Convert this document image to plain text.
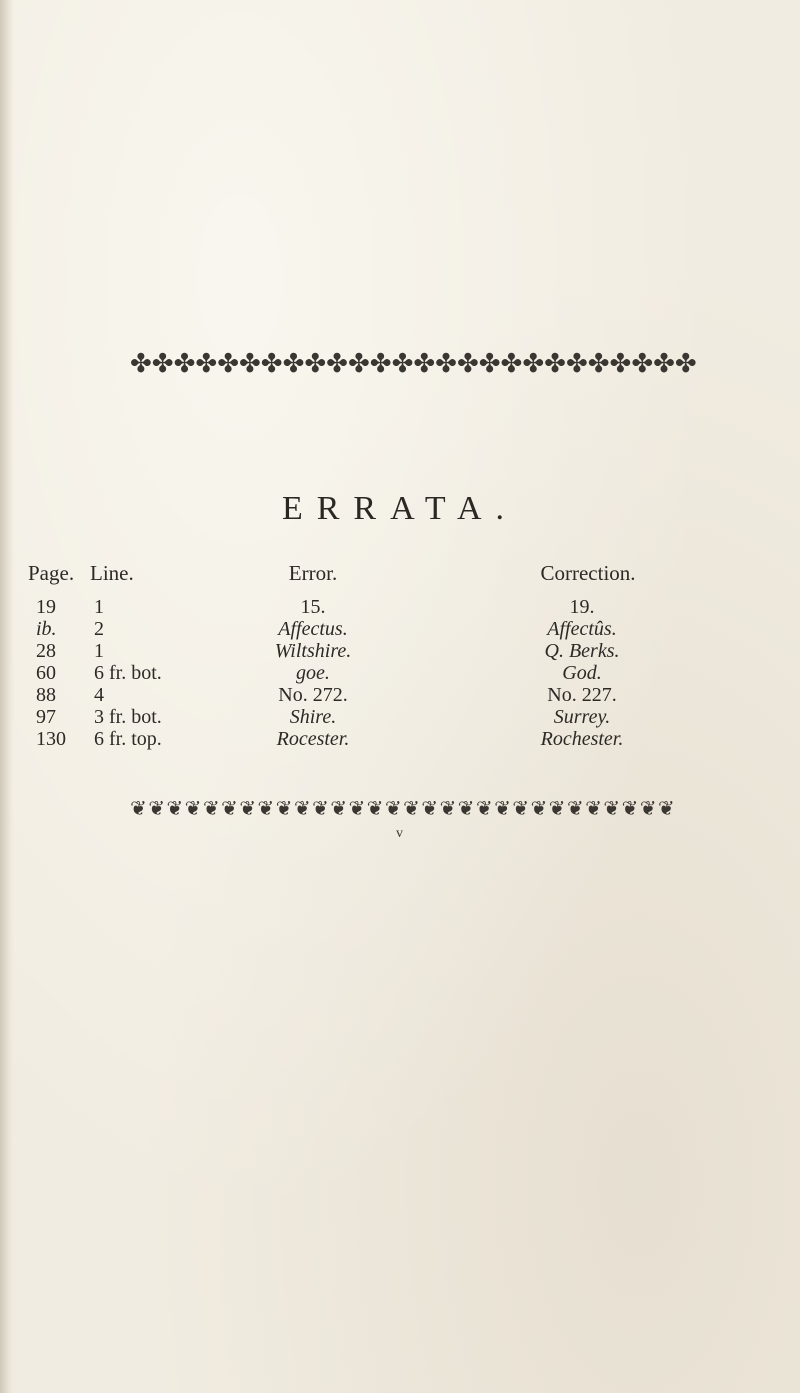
✤ ✤ ✤ ✤ ✤ ✤ ✤ ✤ ✤ ✤ ✤ ✤ ✤ ✤ ✤ ✤ ✤ ✤ ✤ ✤ ✤ ✤ ✤ ✤ ✤ ✤
ERRATA.
Page. Line.	Error.	Correction.
19	1	15.	19.
ib.	2	Affectus.	Affectûs.
28	1	Wiltshire.	Q. Berks.
60	6 fr. bot.	goe.	God.
88	4	No. 272.	No. 227.
97	3 fr. bot.	Shire.	Surrey.
130	6 fr. top.	Rocester.	Rochester.
❦ ❦ ❦ ❦ ❦ ❦ ❦ ❦ ❦ ❦ ❦ ❦ ❦ ❦ ❦ ❦ ❦ ❦ ❦ ❦ ❦ ❦ ❦ ❦ ❦ ❦ ❦ ❦ ❦ ❦
v
